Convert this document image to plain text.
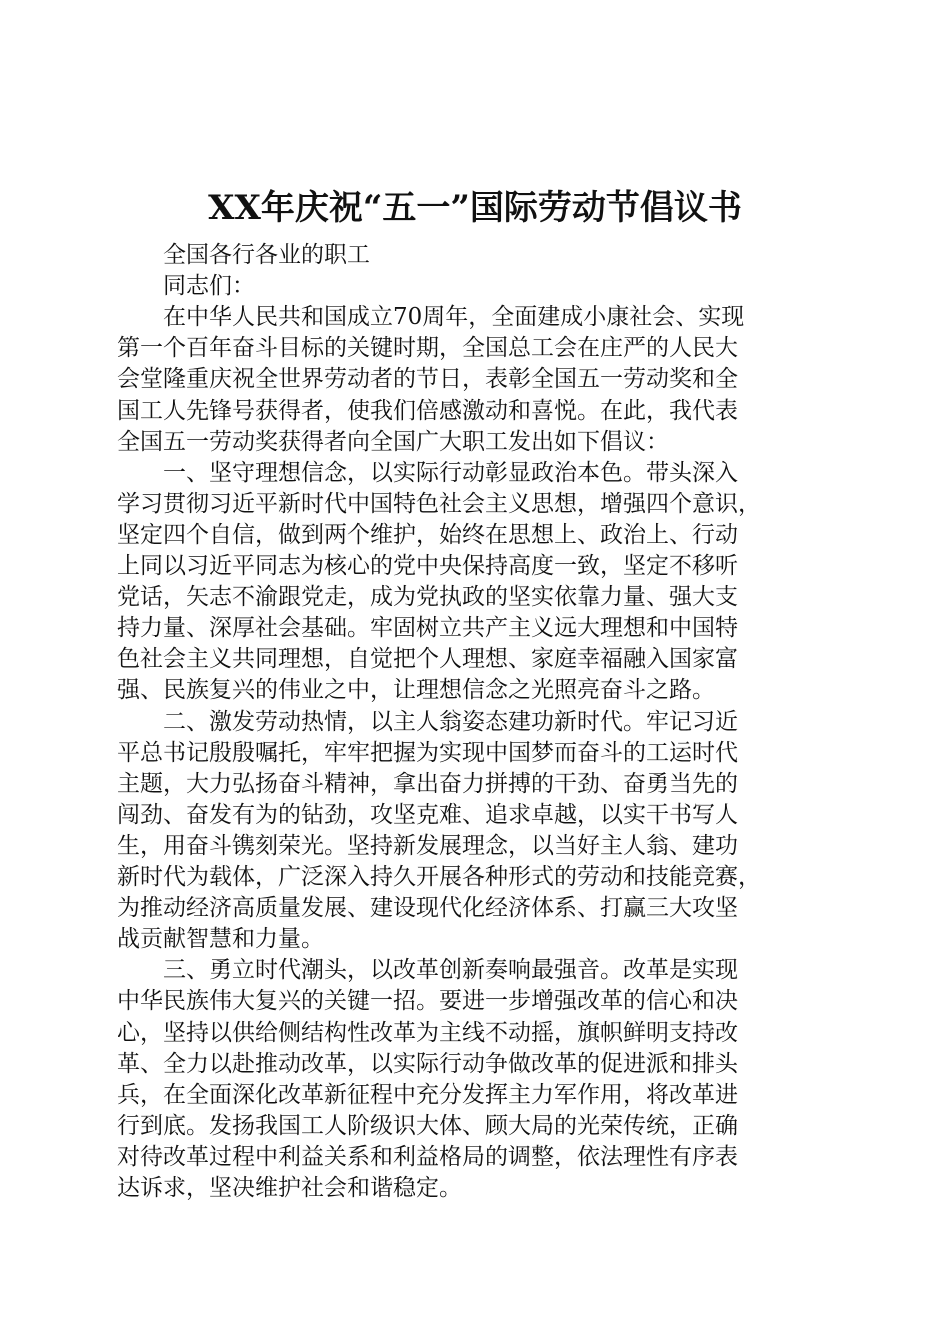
XX年庆祝“五一”国际劳动节倡议书
全国各行各业的职工
同志们：
在中华人民共和国成立70周年，全面建成小康社会、实现
第一个百年奋斗目标的关键时期，全国总工会在庄严的人民大
会堂隆重庆祝全世界劳动者的节日，表彰全国五一劳动奖和全
国工人先锋号获得者，使我们倍感激动和喜悦。在此，我代表
全国五一劳动奖获得者向全国广大职工发出如下倡议：
一、坚守理想信念，以实际行动彰显政治本色。带头深入
学习贯彻习近平新时代中国特色社会主义思想，增强四个意识，
坚定四个自信，做到两个维护，始终在思想上、政治上、行动
上同以习近平同志为核心的党中央保持高度一致，坚定不移听
党话，矢志不渝跟党走，成为党执政的坚实依靠力量、强大支
持力量、深厚社会基础。牢固树立共产主义远大理想和中国特
色社会主义共同理想，自觉把个人理想、家庭幸福融入国家富
强、民族复兴的伟业之中，让理想信念之光照亮奋斗之路。
二、激发劳动热情，以主人翁姿态建功新时代。牢记习近
平总书记殷殷嘱托，牢牢把握为实现中国梦而奋斗的工运时代
主题，大力弘扬奋斗精神，拿出奋力拼搏的干劲、奋勇当先的
闯劲、奋发有为的钻劲，攻坚克难、追求卓越，以实干书写人
生，用奋斗镌刻荣光。坚持新发展理念，以当好主人翁、建功
新时代为载体，广泛深入持久开展各种形式的劳动和技能竞赛，
为推动经济高质量发展、建设现代化经济体系、打赢三大攻坚
战贡献智慧和力量。
三、勇立时代潮头，以改革创新奏响最强音。改革是实现
中华民族伟大复兴的关键一招。要进一步增强改革的信心和决
心，坚持以供给侧结构性改革为主线不动摇，旗帜鲜明支持改
革、全力以赴推动改革，以实际行动争做改革的促进派和排头
兵，在全面深化改革新征程中充分发挥主力军作用，将改革进
行到底。发扬我国工人阶级识大体、顾大局的光荣传统，正确
对待改革过程中利益关系和利益格局的调整，依法理性有序表
达诉求，坚决维护社会和谐稳定。
